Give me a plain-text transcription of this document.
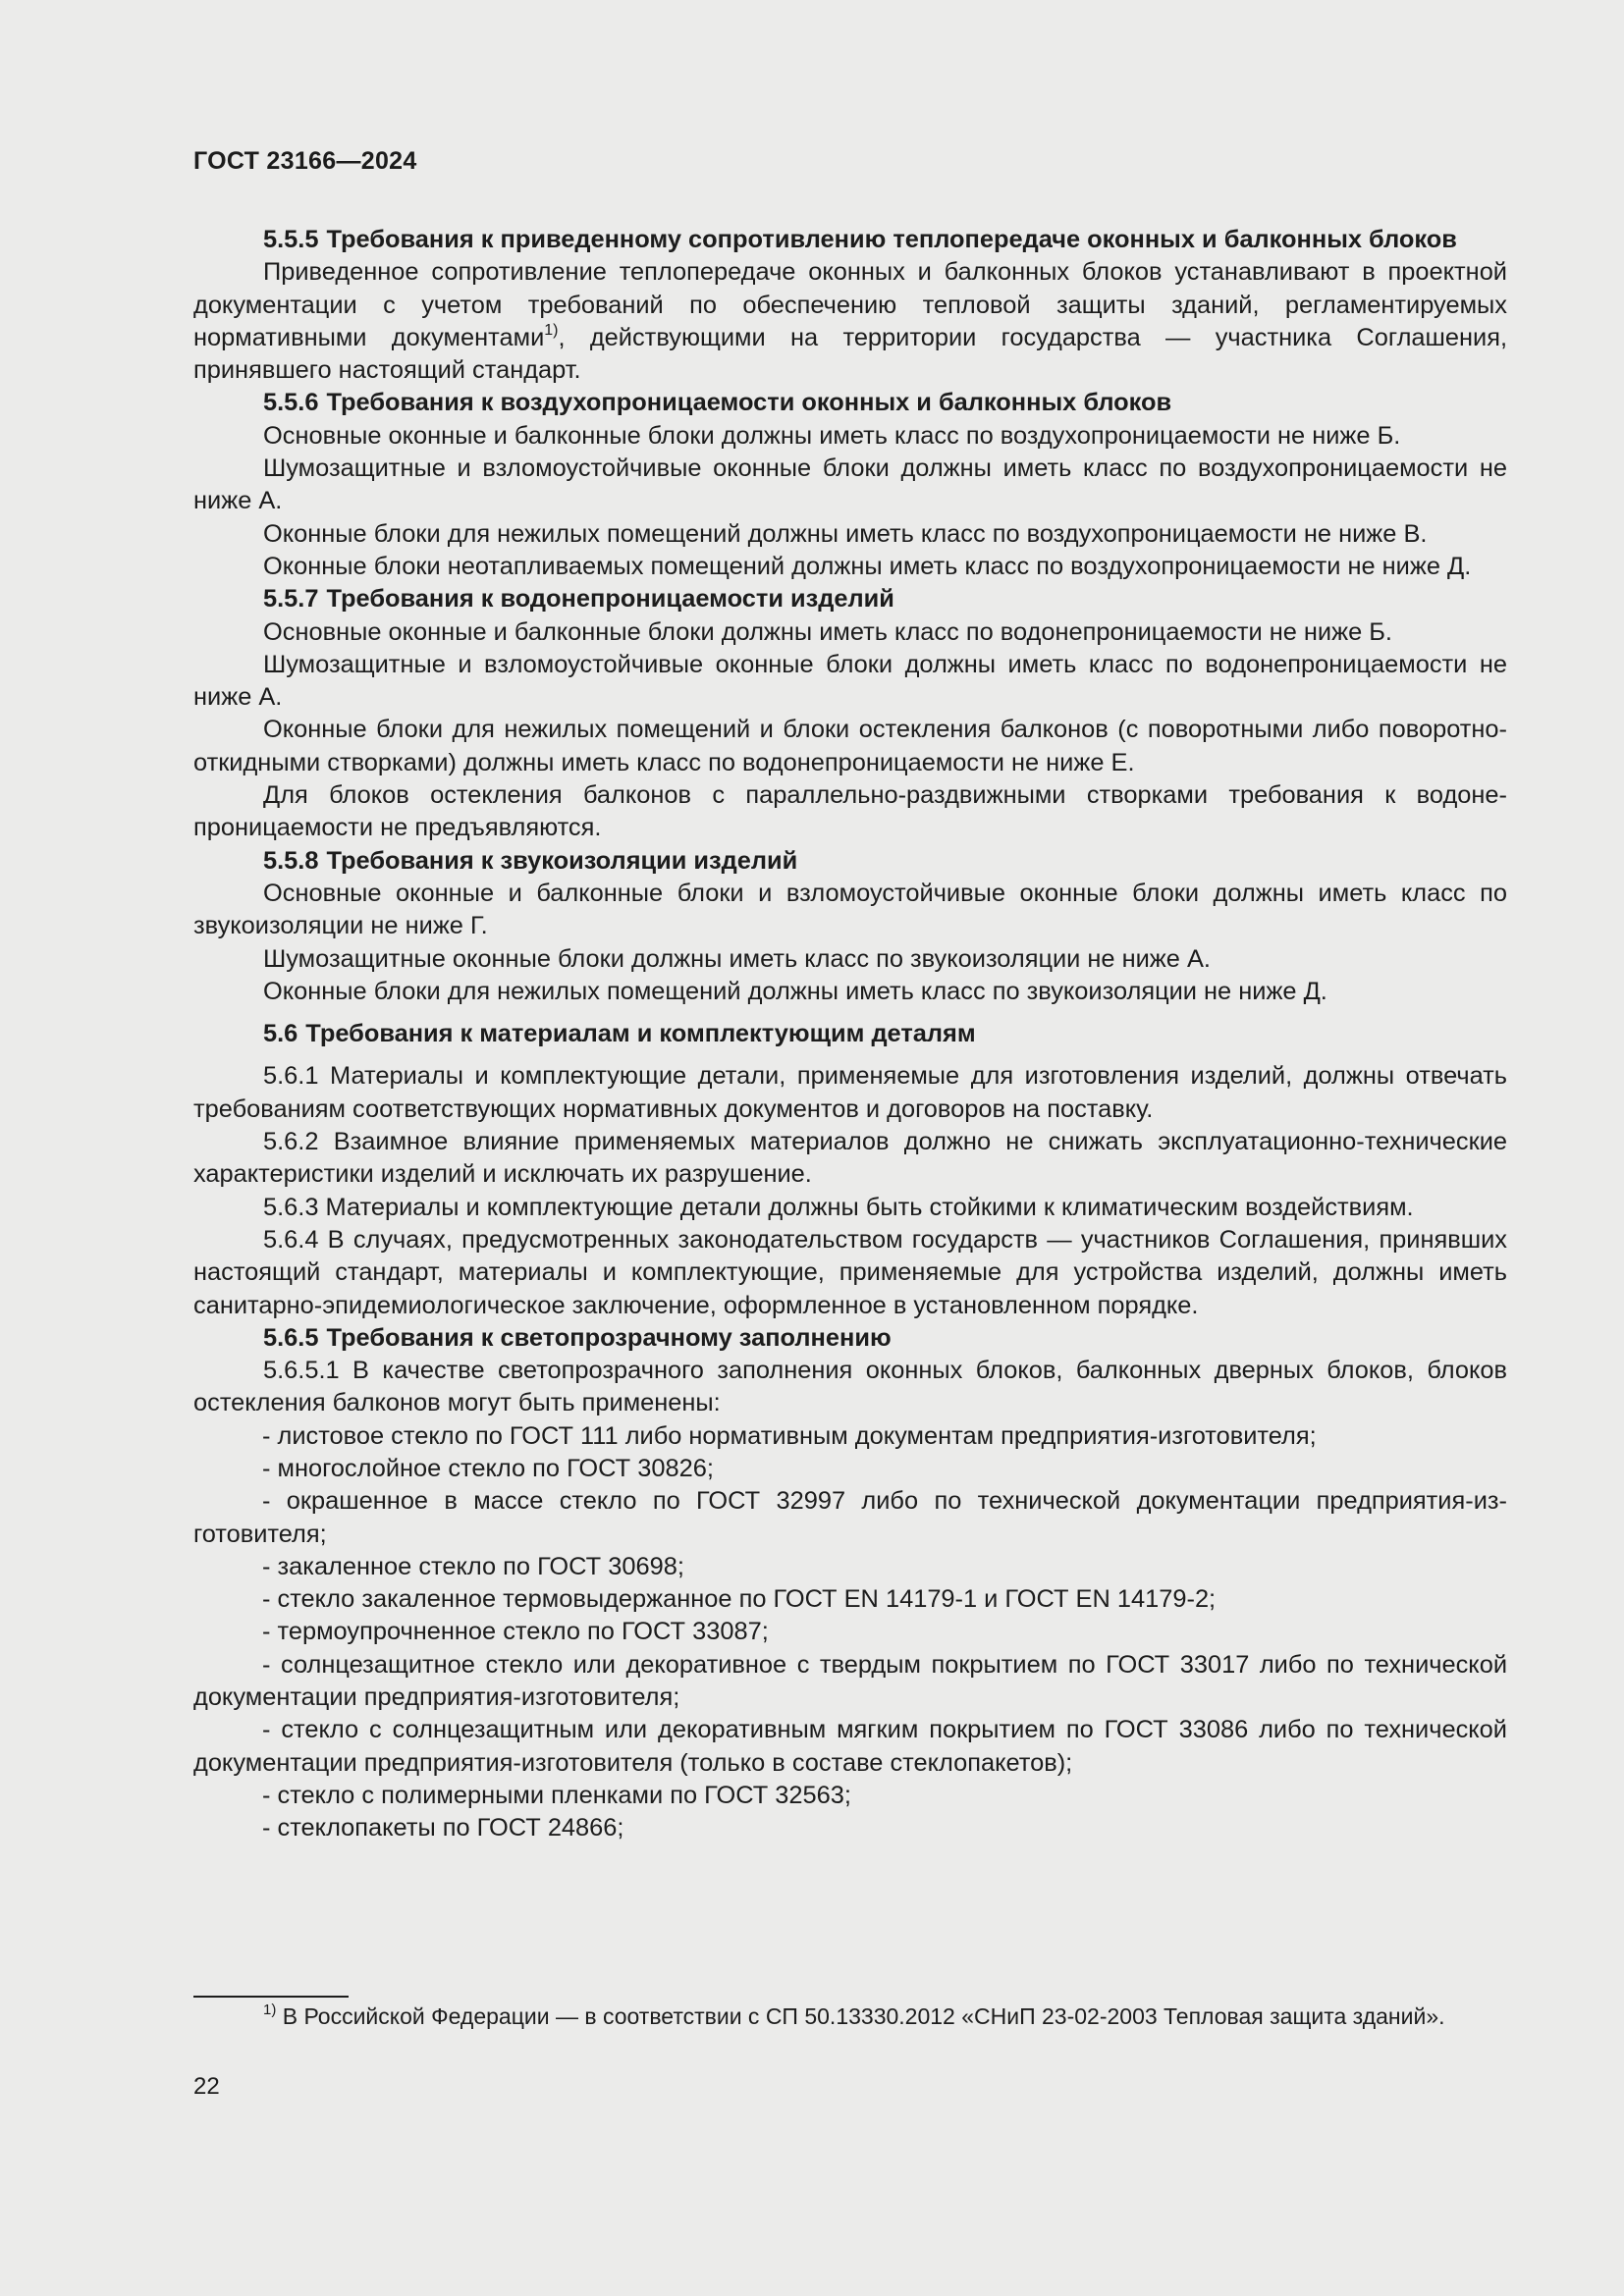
ГОСТ 23166—2024

5.5.5 Требования к приведенному сопротивлению теплопередаче оконных и балконных блоков

Приведенное сопротивление теплопередаче оконных и балконных блоков устанавливают в проектной документации с учетом требований по обеспечению тепловой защиты зданий, регламентируемых нормативными документами$^{1)}$, действующими на территории государства — участника Соглашения, принявшего настоящий стандарт.

5.5.6 Требования к воздухопроницаемости оконных и балконных блоков

Основные оконные и балконные блоки должны иметь класс по воздухопроницаемости не ниже Б.

Шумозащитные и взломоустойчивые оконные блоки должны иметь класс по воздухопроницаемости не ниже А.

Оконные блоки для нежилых помещений должны иметь класс по воздухопроницаемости не ниже В.

Оконные блоки неотапливаемых помещений должны иметь класс по воздухопроницаемости не ниже Д.

5.5.7 Требования к водонепроницаемости изделий

Основные оконные и балконные блоки должны иметь класс по водонепроницаемости не ниже Б.

Шумозащитные и взломоустойчивые оконные блоки должны иметь класс по водонепроницаемости не ниже А.

Оконные блоки для нежилых помещений и блоки остекления балконов (с поворотными либо поворотно-откидными створками) должны иметь класс по водонепроницаемости не ниже Е.

Для блоков остекления балконов с параллельно-раздвижными створками требования к водонепроницаемости не предъявляются.

5.5.8 Требования к звукоизоляции изделий

Основные оконные и балконные блоки и взломоустойчивые оконные блоки должны иметь класс по звукоизоляции не ниже Г.

Шумозащитные оконные блоки должны иметь класс по звукоизоляции не ниже А.

Оконные блоки для нежилых помещений должны иметь класс по звукоизоляции не ниже Д.

5.6 Требования к материалам и комплектующим деталям

5.6.1 Материалы и комплектующие детали, применяемые для изготовления изделий, должны отвечать требованиям соответствующих нормативных документов и договоров на поставку.

5.6.2 Взаимное влияние применяемых материалов должно не снижать эксплуатационно-технические характеристики изделий и исключать их разрушение.

5.6.3 Материалы и комплектующие детали должны быть стойкими к климатическим воздействиям.

5.6.4 В случаях, предусмотренных законодательством государств — участников Соглашения, принявших настоящий стандарт, материалы и комплектующие, применяемые для устройства изделий, должны иметь санитарно-эпидемиологическое заключение, оформленное в установленном порядке.

5.6.5 Требования к светопрозрачному заполнению

5.6.5.1 В качестве светопрозрачного заполнения оконных блоков, балконных дверных блоков, блоков остекления балконов могут быть применены:

- листовое стекло по ГОСТ 111 либо нормативным документам предприятия-изготовителя;

- многослойное стекло по ГОСТ 30826;

- окрашенное в массе стекло по ГОСТ 32997 либо по технической документации предприятия-изготовителя;

- закаленное стекло по ГОСТ 30698;

- стекло закаленное термовыдержанное по ГОСТ EN 14179-1 и ГОСТ EN 14179-2;

- термоупрочненное стекло по ГОСТ 33087;

- солнцезащитное стекло или декоративное с твердым покрытием по ГОСТ 33017 либо по технической документации предприятия-изготовителя;

- стекло с солнцезащитным или декоративным мягким покрытием по ГОСТ 33086 либо по технической документации предприятия-изготовителя (только в составе стеклопакетов);

- стекло с полимерными пленками по ГОСТ 32563;

- стеклопакеты по ГОСТ 24866;

$^{1)}$ В Российской Федерации — в соответствии с СП 50.13330.2012 «СНиП 23-02-2003 Тепловая защита зданий».

22
